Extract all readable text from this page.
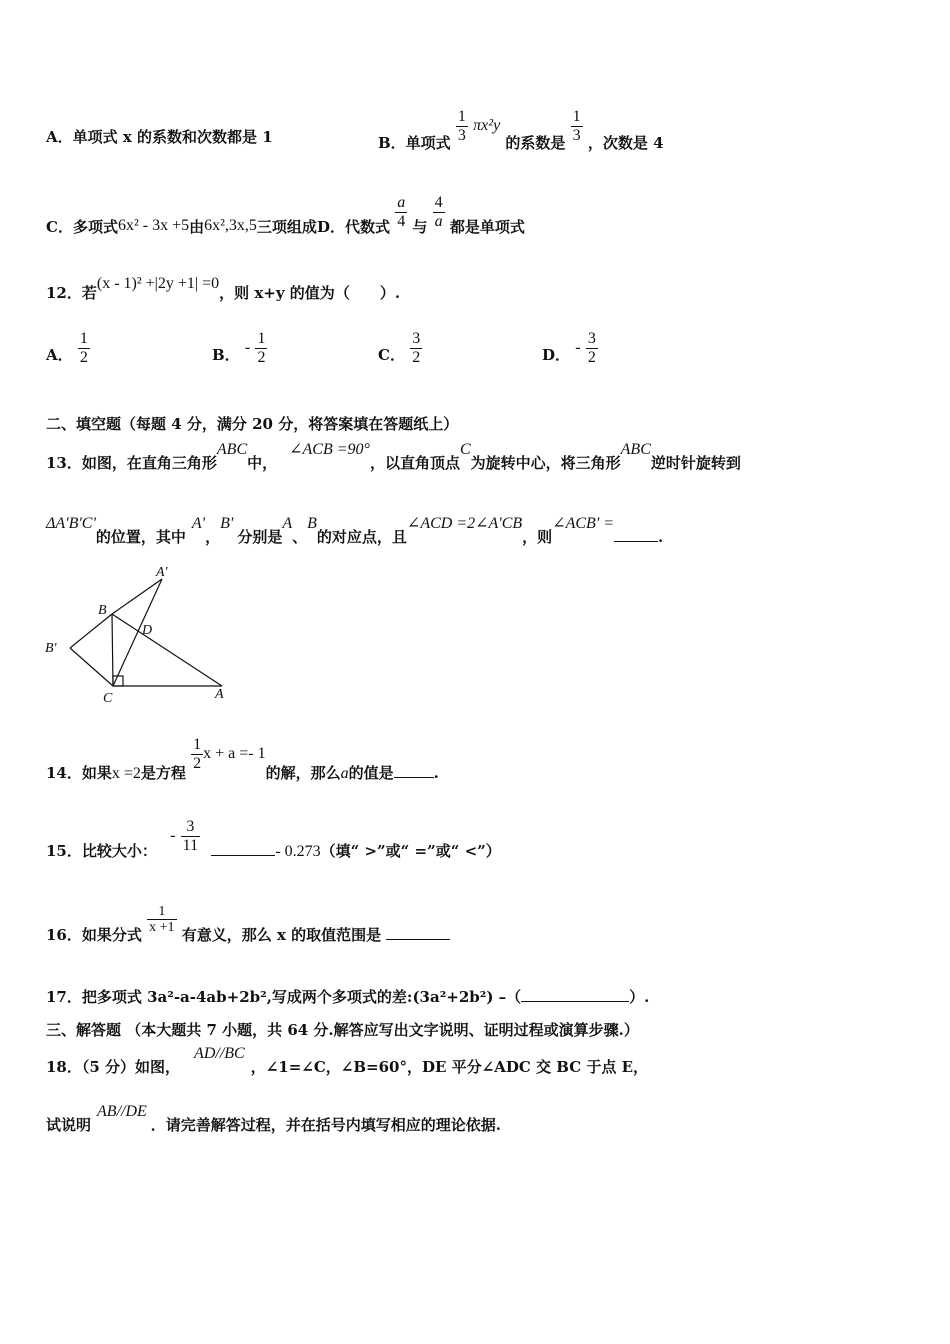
A．单项式 x 的系数和次数都是 1	B．单项式 $\frac{1}{3} \pi x^2y$ 的系数是 $\frac{1}{3}$ ，次数是 4
C．多项式6x² - 3x +5由6x²,3x,5三项组成D．代数式 $\frac{a}{4}$ 与 $\frac{4}{a}$ 都是单项式
12．若(x - 1)² +|2y +1| =0，则 x+y 的值为（　　）.
A． $\frac{1}{2}$	B． - $\frac{1}{2}$	C． $\frac{3}{2}$	D． - $\frac{3}{2}$
二、填空题（每题 4 分，满分 20 分，将答案填在答题纸上）
13．如图，在直角三角形ABC中，∠ACB =90°，以直角顶点C为旋转中心，将三角形ABC逆时针旋转到
ΔA'B'C'的位置，其中A'，B'分别是A、B的对应点，且∠ACD =2∠A'CB，则∠ACB' =.
A'
B
D
B'
C	A
14．如果x =2是方程
$\frac{1}{2}$ x + a =- 1的解，那么a的值是	.
15．比较大小： - $\frac{3}{11}$	- 0.273（填“ >”或“ =”或“ <”）
16．如果分式 $\frac{1}{x +1}$ 有意义，那么 x 的取值范围是
17．把多项式 3a²-a-4ab+2b²,写成两个多项式的差:(3a²+2b²) –（	）.
三、解答题 （本大题共 7 小题，共 64 分.解答应写出文字说明、证明过程或演算步骤.）
18．（5 分）如图，AD//BC，∠1=∠C，∠B=60°，DE 平分∠ADC 交 BC 于点 E，
试说明AB//DE．请完善解答过程，并在括号内填写相应的理论依据.
